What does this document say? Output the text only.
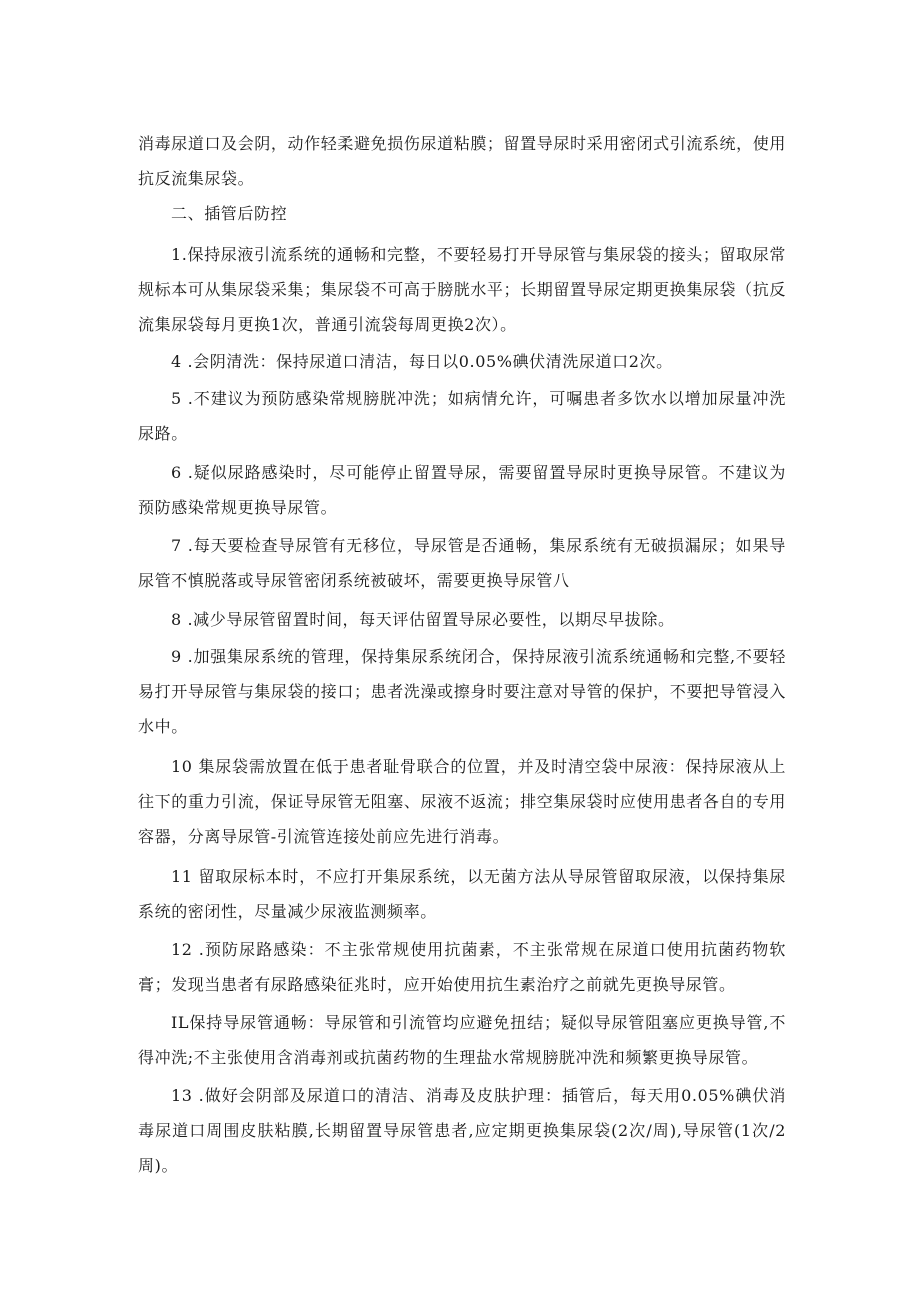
消毒尿道口及会阴，动作轻柔避免损伤尿道粘膜；留置导尿时采用密闭式引流系统，使用抗反流集尿袋。

二、插管后防控

1.保持尿液引流系统的通畅和完整，不要轻易打开导尿管与集尿袋的接头；留取尿常规标本可从集尿袋采集；集尿袋不可高于膀胱水平；长期留置导尿定期更换集尿袋（抗反流集尿袋每月更换1次，普通引流袋每周更换2次）。

4 .会阴清洗：保持尿道口清洁，每日以0.05%碘伏清洗尿道口2次。

5 .不建议为预防感染常规膀胱冲洗；如病情允许，可嘱患者多饮水以增加尿量冲洗尿路。

6 .疑似尿路感染时，尽可能停止留置导尿，需要留置导尿时更换导尿管。不建议为预防感染常规更换导尿管。

7 .每天要检查导尿管有无移位，导尿管是否通畅，集尿系统有无破损漏尿；如果导尿管不慎脱落或导尿管密闭系统被破坏，需要更换导尿管八

8 .减少导尿管留置时间，每天评估留置导尿必要性，以期尽早拔除。

9 .加强集尿系统的管理，保持集尿系统闭合，保持尿液引流系统通畅和完整,不要轻易打开导尿管与集尿袋的接口；患者洗澡或擦身时要注意对导管的保护，不要把导管浸入水中。

10 集尿袋需放置在低于患者耻骨联合的位置，并及时清空袋中尿液：保持尿液从上往下的重力引流，保证导尿管无阻塞、尿液不返流；排空集尿袋时应使用患者各自的专用容器，分离导尿管-引流管连接处前应先进行消毒。

11 留取尿标本时，不应打开集尿系统，以无菌方法从导尿管留取尿液，以保持集尿系统的密闭性，尽量减少尿液监测频率。

12 .预防尿路感染：不主张常规使用抗菌素，不主张常规在尿道口使用抗菌药物软膏；发现当患者有尿路感染征兆时，应开始使用抗生素治疗之前就先更换导尿管。

IL保持导尿管通畅：导尿管和引流管均应避免扭结；疑似导尿管阻塞应更换导管,不得冲洗;不主张使用含消毒剂或抗菌药物的生理盐水常规膀胱冲洗和频繁更换导尿管。

13 .做好会阴部及尿道口的清洁、消毒及皮肤护理：插管后，每天用0.05%碘伏消毒尿道口周围皮肤粘膜,长期留置导尿管患者,应定期更换集尿袋(2次/周),导尿管(1次/2周)。
